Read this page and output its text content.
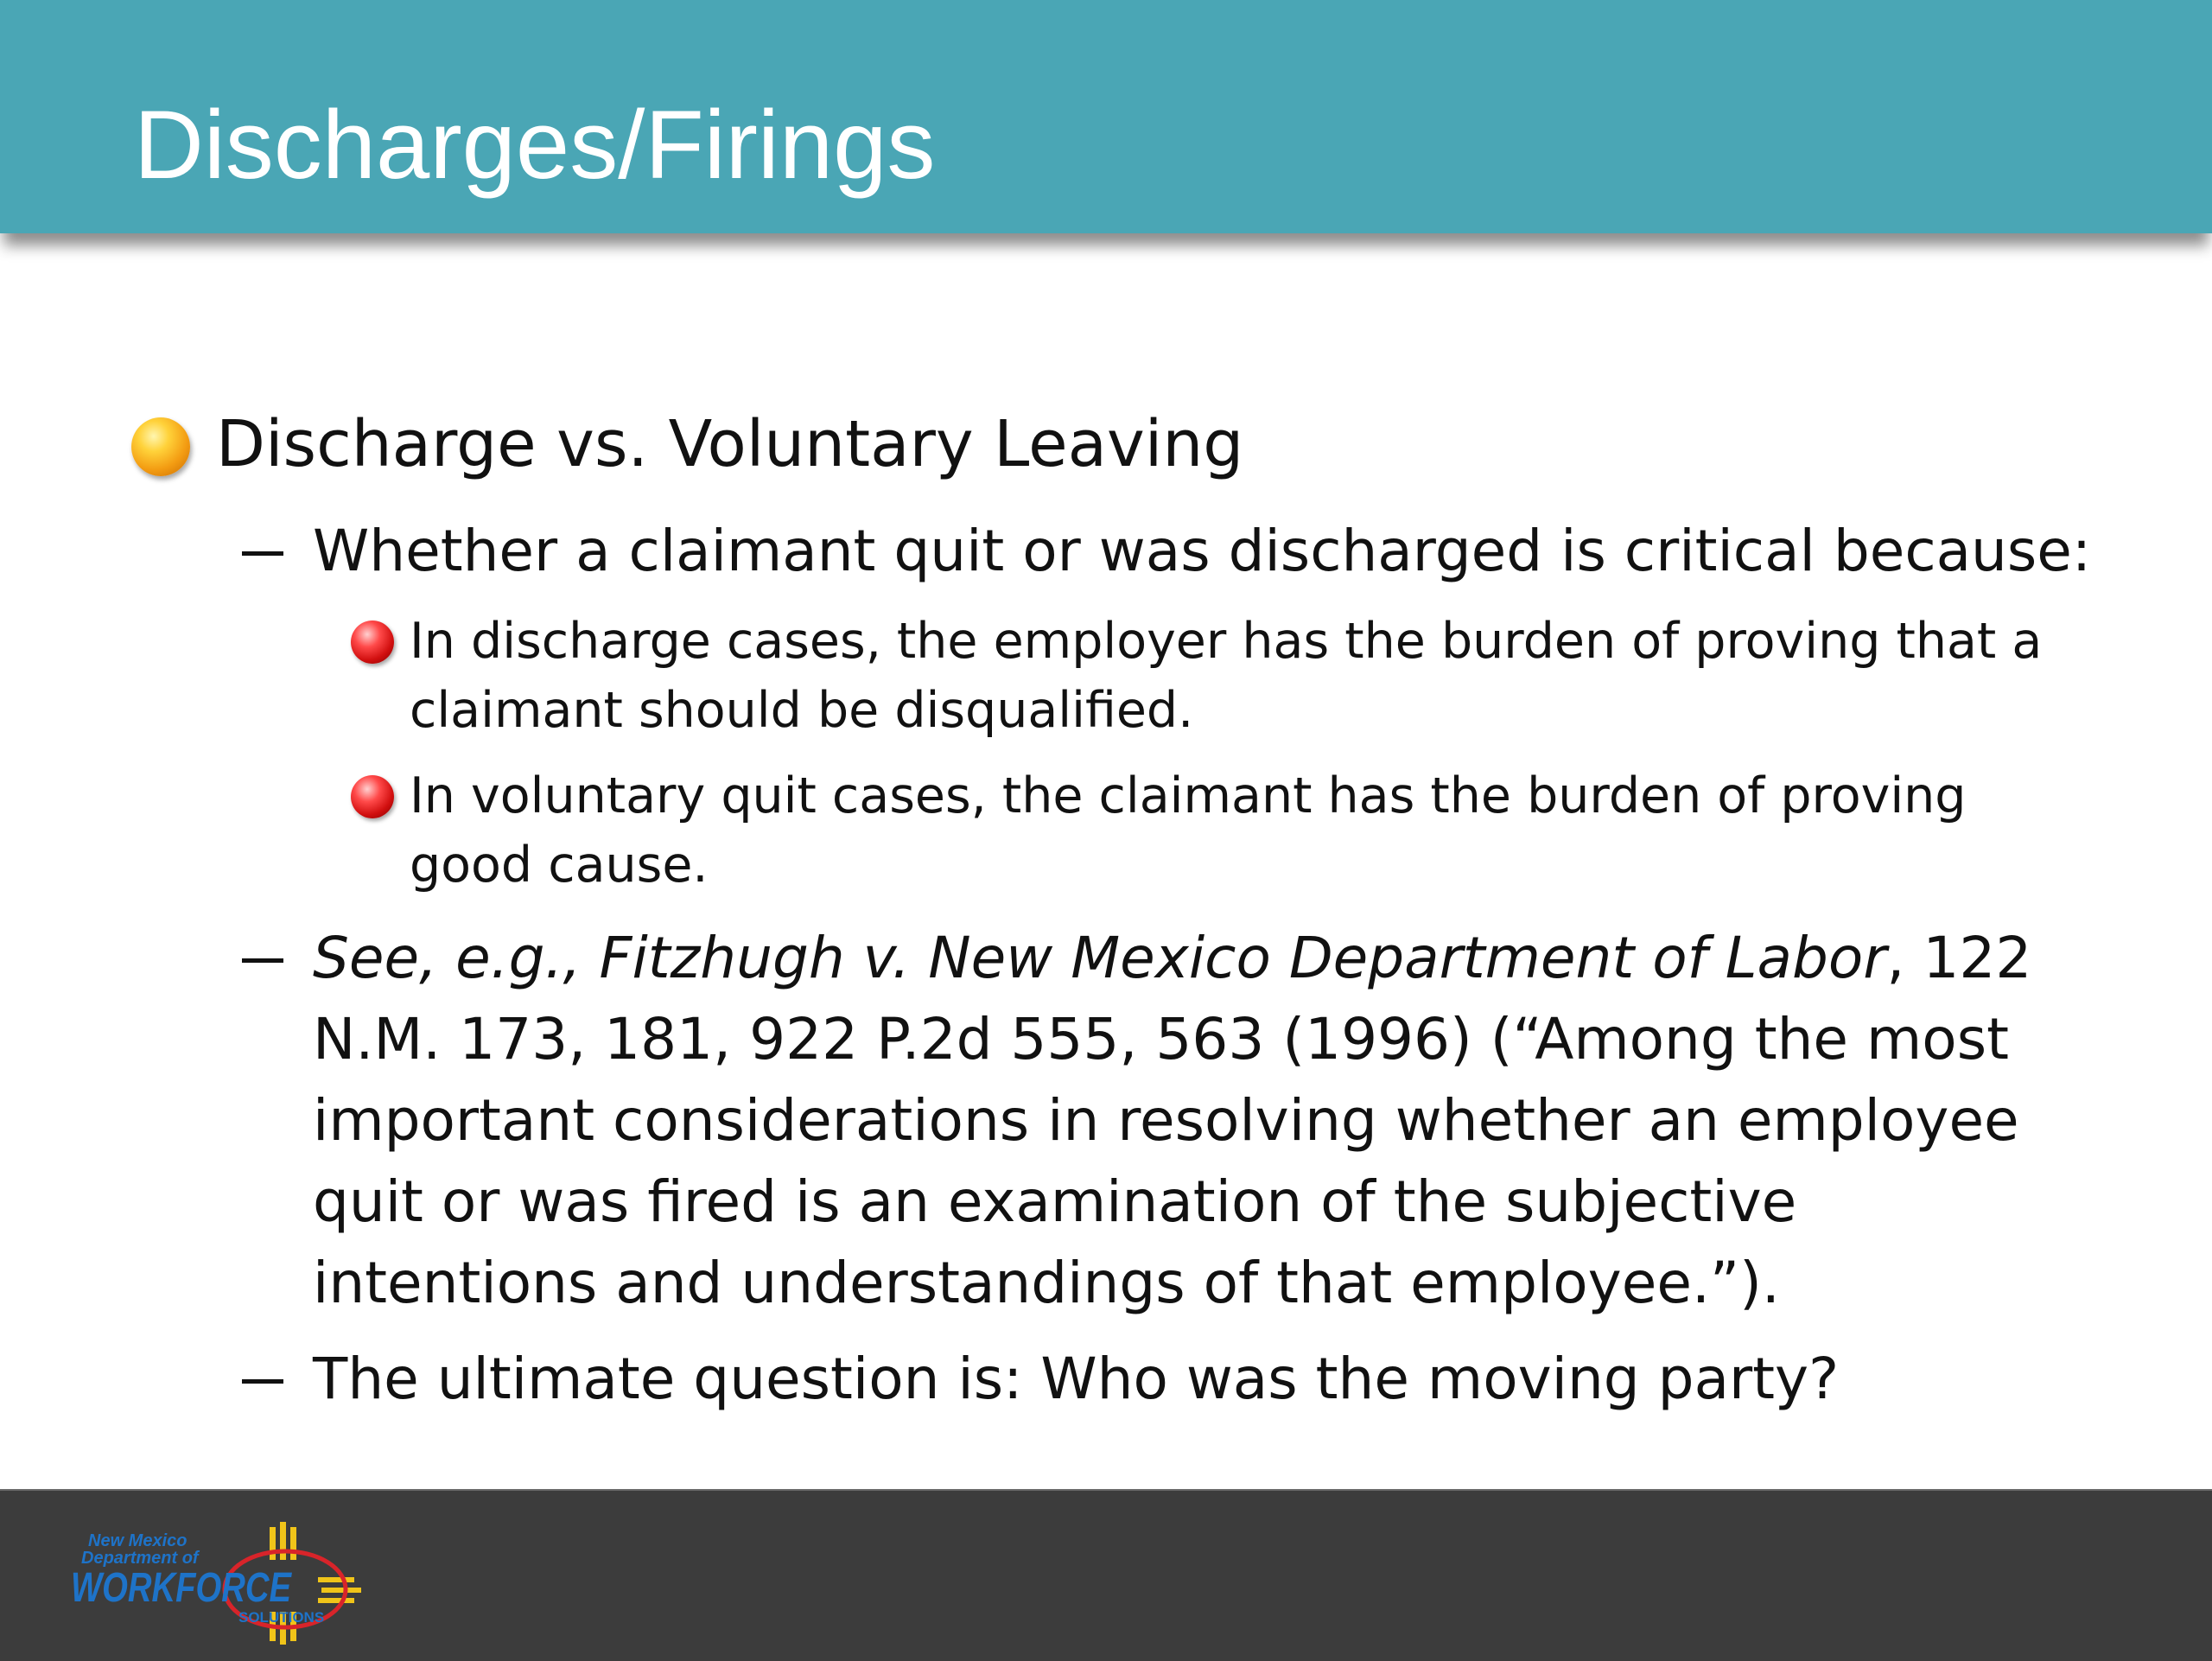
Discharges/Firings
Discharge vs. Voluntary Leaving
Whether a claimant quit or was discharged is critical because:
In discharge cases, the employer has the burden of proving that a claimant should be disqualified.
In voluntary quit cases, the claimant has the burden of proving good cause.
See, e.g., Fitzhugh v. New Mexico Department of Labor, 122 N.M. 173, 181, 922 P.2d 555, 563 (1996) (“Among the most important considerations in resolving whether an employee quit or was fired is an examination of the subjective intentions and understandings of that employee.”).
The ultimate question is: Who was the moving party?
New Mexico
Department of
WORKFORCE
SOLUTIONS
